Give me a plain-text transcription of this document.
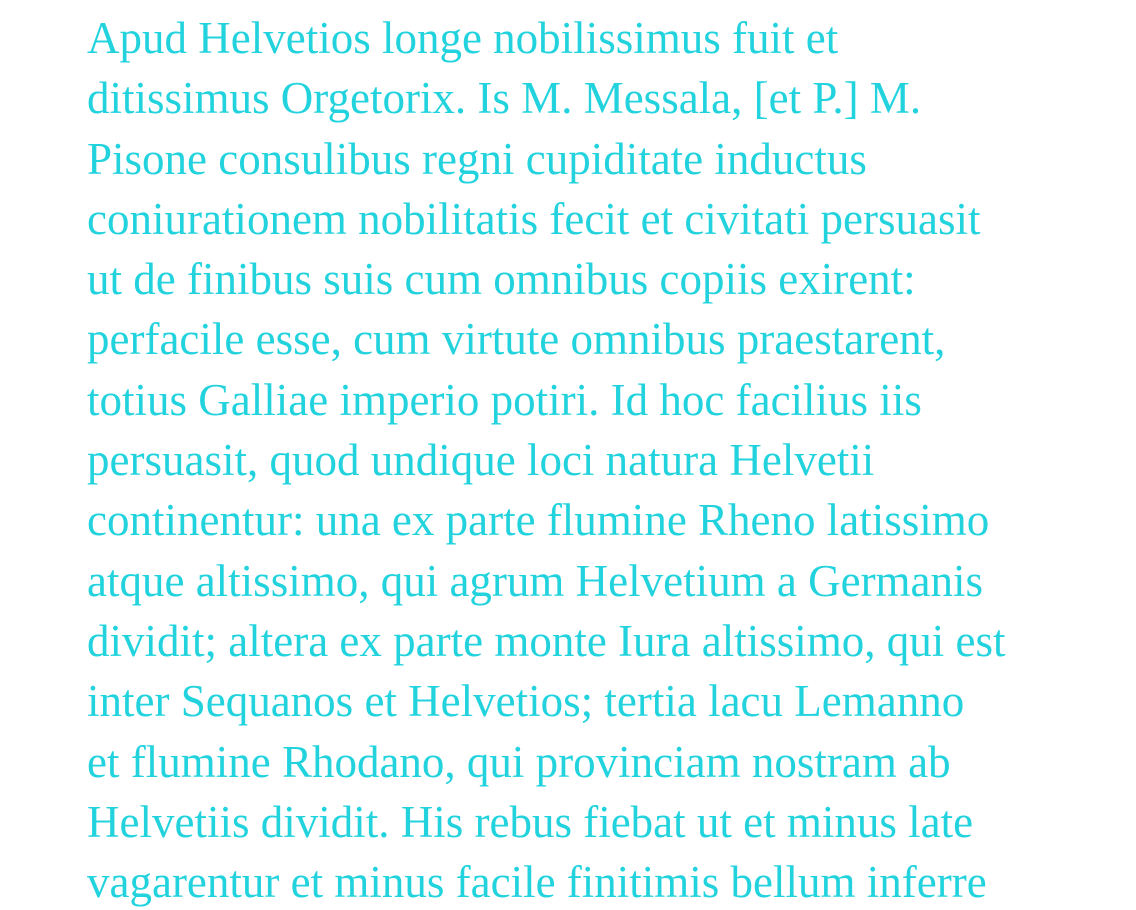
Apud Helvetios longe nobilissimus fuit et
ditissimus Orgetorix. Is M. Messala, [et P.] M.
Pisone consulibus regni cupiditate inductus
coniurationem nobilitatis fecit et civitati persuasit
ut de finibus suis cum omnibus copiis exirent:
perfacile esse, cum virtute omnibus praestarent,
totius Galliae imperio potiri. Id hoc facilius iis
persuasit, quod undique loci natura Helvetii
continentur: una ex parte flumine Rheno latissimo
atque altissimo, qui agrum Helvetium a Germanis
dividit; altera ex parte monte Iura altissimo, qui est
inter Sequanos et Helvetios; tertia lacu Lemanno
et flumine Rhodano, qui provinciam nostram ab
Helvetiis dividit. His rebus fiebat ut et minus late
vagarentur et minus facile finitimis bellum inferre
